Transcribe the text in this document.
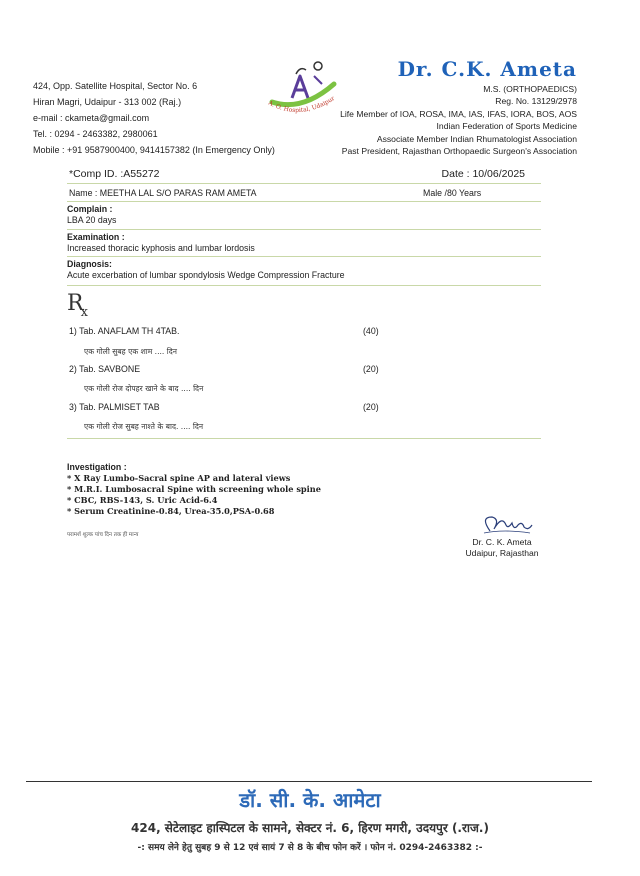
424, Opp. Satellite Hospital, Sector No. 6
Hiran Magri, Udaipur - 313 002 (Raj.)
e-mail : ckameta@gmail.com
Tel. : 0294 - 2463382, 2980061
Mobile : +91 9587900400, 9414157382 (In Emergency Only)
A. O. Hospital, Udaipur
Dr. C.K. Ameta
M.S. (ORTHOPAEDICS)
Reg. No. 13129/2978
Life Member of IOA, ROSA, IMA, IAS, IFAS, IORA, BOS, AOS
Indian Federation of Sports Medicine
Associate Member Indian Rhumatologist Association
Past President, Rajasthan Orthopaedic Surgeon's Association
*Comp ID. :A55272	Date : 10/06/2025
Name : MEETHA LAL S/O PARAS RAM AMETA	Male /80 Years
Complain :
LBA 20 days
Examination :
Increased thoracic kyphosis and lumbar lordosis
Diagnosis:
Acute excerbation of lumbar spondylosis Wedge Compression Fracture
$R_x$
1) Tab. ANAFLAM TH 4TAB.	(40)
एक गोली सुबह एक शाम .... दिन
2) Tab. SAVBONE	(20)
एक गोली रोज दोपहर खाने के बाद .... दिन
3) Tab. PALMISET TAB	(20)
एक गोली रोज सुबह नाश्ते के बाद. .... दिन
Investigation :
* X Ray Lumbo-Sacral spine AP and lateral views
* M.R.I. Lumbosacral Spine with screening whole spine
* CBC, RBS-143, S. Uric Acid-6.4
* Serum Creatinine-0.84, Urea-35.0,PSA-0.68
परामर्श शुल्क पांच दिन तक ही मान्य
Dr. C. K. Ameta
Udaipur, Rajasthan
डॉ. सी. के. आमेटा
424, सेटेलाइट हास्पिटल के सामने, सेक्टर नं. 6, हिरण मगरी, उदयपुर (.राज.)
-: समय लेने हेतु सुबह 9 से 12 एवं सायं 7 से 8 के बीच फोन करें । फोन नं. 0294-2463382 :-
